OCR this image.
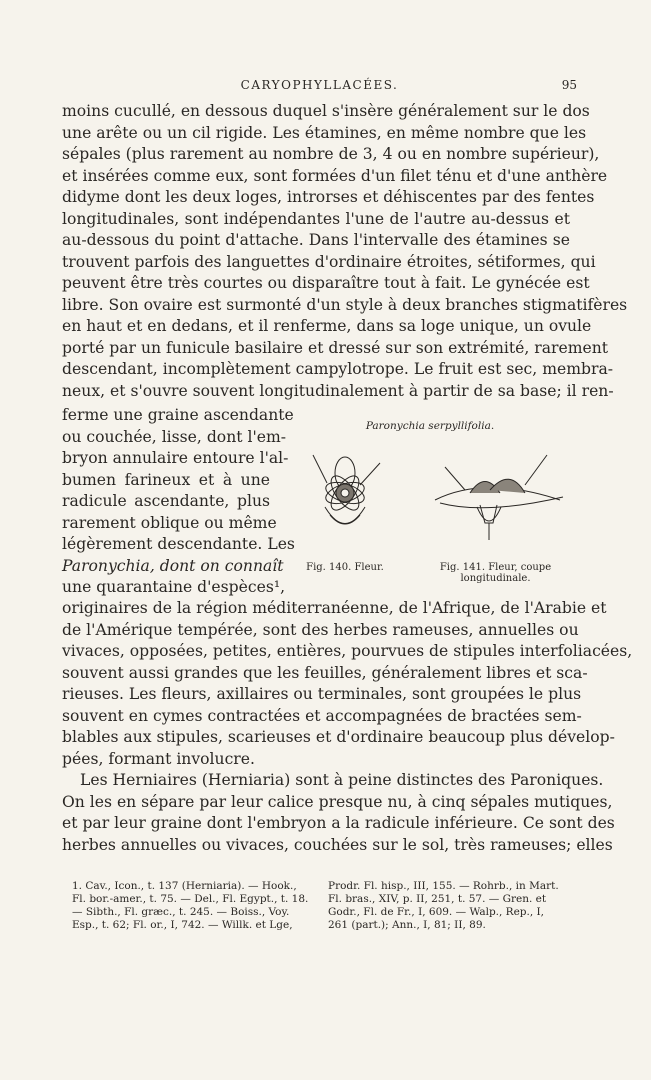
CARYOPHYLLACÉES.	95
moins cucullé, en dessous duquel s'insère généralement sur le dos
une arête ou un cil rigide. Les étamines, en même nombre que les
sépales (plus rarement au nombre de 3, 4 ou en nombre supérieur),
et insérées comme eux, sont formées d'un filet ténu et d'une anthère
didyme dont les deux loges, introrses et déhiscentes par des fentes
longitudinales, sont indépendantes l'une de l'autre au-dessus et
au-dessous du point d'attache. Dans l'intervalle des étamines se
trouvent parfois des languettes d'ordinaire étroites, sétiformes, qui
peuvent être très courtes ou disparaître tout à fait. Le gynécée est
libre. Son ovaire est surmonté d'un style à deux branches stigmatifères
en haut et en dedans, et il renferme, dans sa loge unique, un ovule
porté par un funicule basilaire et dressé sur son extrémité, rarement
descendant, incomplètement campylotrope. Le fruit est sec, membra-
neux, et s'ouvre souvent longitudinalement à partir de sa base; il ren-
ferme une graine ascendante
ou couchée, lisse, dont l'em-
bryon annulaire entoure l'al-
bumen farineux et à une
radicule ascendante, plus
rarement oblique ou même
légèrement descendante. Les
Paronychia, dont on connaît
une quarantaine d'espèces¹,
Paronychia serpyllifolia.
Fig. 140. Fleur.	Fig. 141. Fleur, coupe
longitudinale.
originaires de la région méditerranéenne, de l'Afrique, de l'Arabie et
de l'Amérique tempérée, sont des herbes rameuses, annuelles ou
vivaces, opposées, petites, entières, pourvues de stipules interfoliacées,
souvent aussi grandes que les feuilles, généralement libres et sca-
rieuses. Les fleurs, axillaires ou terminales, sont groupées le plus
souvent en cymes contractées et accompagnées de bractées sem-
blables aux stipules, scarieuses et d'ordinaire beaucoup plus dévelop-
pées, formant involucre.
Les Herniaires (Herniaria) sont à peine distinctes des Paroniques.
On les en sépare par leur calice presque nu, à cinq sépales mutiques,
et par leur graine dont l'embryon a la radicule inférieure. Ce sont des
herbes annuelles ou vivaces, couchées sur le sol, très rameuses; elles
1. Cav., Icon., t. 137 (Herniaria). — Hook.,
Fl. bor.-amer., t. 75. — Del., Fl. Egypt., t. 18.
— Sibth., Fl. græc., t. 245. — Boiss., Voy.
Esp., t. 62; Fl. or., I, 742. — Willk. et Lge,
Prodr. Fl. hisp., III, 155. — Rohrb., in Mart.
Fl. bras., XIV, p. II, 251, t. 57. — Gren. et
Godr., Fl. de Fr., I, 609. — Walp., Rep., I,
261 (part.); Ann., I, 81; II, 89.
